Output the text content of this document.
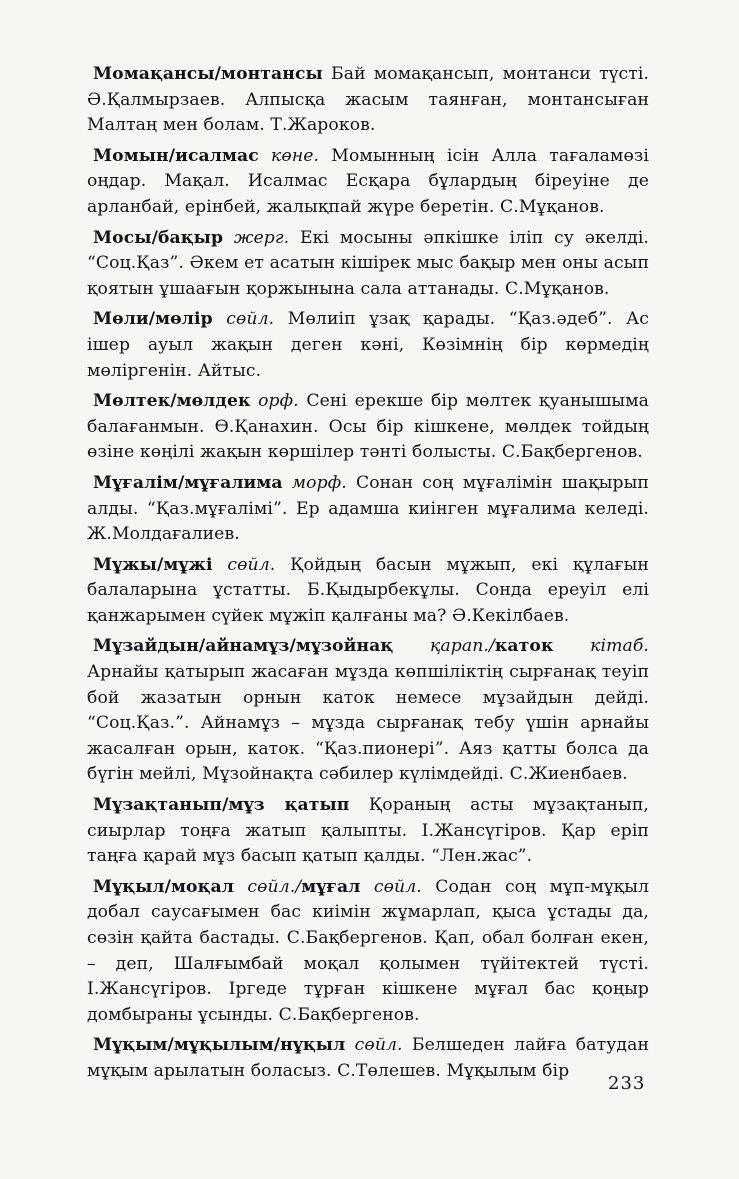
Момақансы/монтансы Бай момақансып, монтанси түсті. Ә.Қалмырзаев. Алпысқа жасым таянған, монтансыған Малтаң мен болам. Т.Жароков.

Момын/исалмас көне. Момынның ісін Алла тағаламөзі оңдар. Мақал. Исалмас Есқара бұлардың біреуіне де арланбай, ерінбей, жалықпай жүре беретін. С.Мұқанов.

Мосы/бақыр жерг. Екі мосыны әпкішке іліп су әкелді. “Соц.Қаз”. Әкем ет асатын кішірек мыс бақыр мен оны асып қоятын ұшаағын қоржынына сала аттанады. С.Мұқанов.

Мөли/мөлір сөйл. Мөлиіп ұзақ қарады. “Қаз.әдеб”. Ас ішер ауыл жақын деген кәні, Көзімнің бір көрмедің мөліргенін. Айтыс.

Мөлтек/мөлдек орф. Сені ерекше бір мөлтек қуанышыма балағанмын. Ө.Қанахин. Осы бір кішкене, мөлдек тойдың өзіне көңілі жақын көршілер тәнті болысты. С.Бақбергенов.

Мұғалім/мұғалима морф. Сонан соң мұғалімін шақырып алды. “Қаз.мұғалімі”. Ер адамша киінген мұғалима келеді. Ж.Молдағалиев.

Мұжы/мұжі сөйл. Қойдың басын мұжып, екі құлағын балаларына ұстатты. Б.Қыдырбекұлы. Сонда ереуіл елі қанжарымен сүйек мұжіп қалғаны ма? Ә.Кекілбаев.

Мұзайдын/айнамұз/мұзойнақ қарап./каток кітаб. Арнайы қатырып жасаған мұзда көпшіліктің сырғанақ теуіп бой жазатын орнын каток немесе мұзайдын дейді. “Соц.Қаз.”. Айнамұз – мұзда сырғанақ тебу үшін арнайы жасалған орын, каток. “Қаз.пионері”. Аяз қатты болса да бүгін мейлі, Мұзойнақта сәбилер күлімдейді. С.Жиенбаев.

Мұзақтанып/мұз қатып Қораның асты мұзақтанып, сиырлар тоңға жатып қалыпты. І.Жансүгіров. Қар еріп таңға қарай мұз басып қатып қалды. “Лен.жас”.

Мұқыл/моқал сөйл./мұғал сөйл. Содан соң мұп-мұқыл добал саусағымен бас киімін жұмарлап, қыса ұстады да, сөзін қайта бастады. С.Бақбергенов. Қап, обал болған екен, – деп, Шалғымбай моқал қолымен түйітектей түсті. І.Жансүгіров. Іргеде тұрған кішкене мұғал бас қоңыр домбыраны ұсынды. С.Бақбергенов.

Мұқым/мұқылым/нұқыл сөйл. Белшеден лайға батудан мұқым арылатын боласыз. С.Төлешев. Мұқылым бір

233
